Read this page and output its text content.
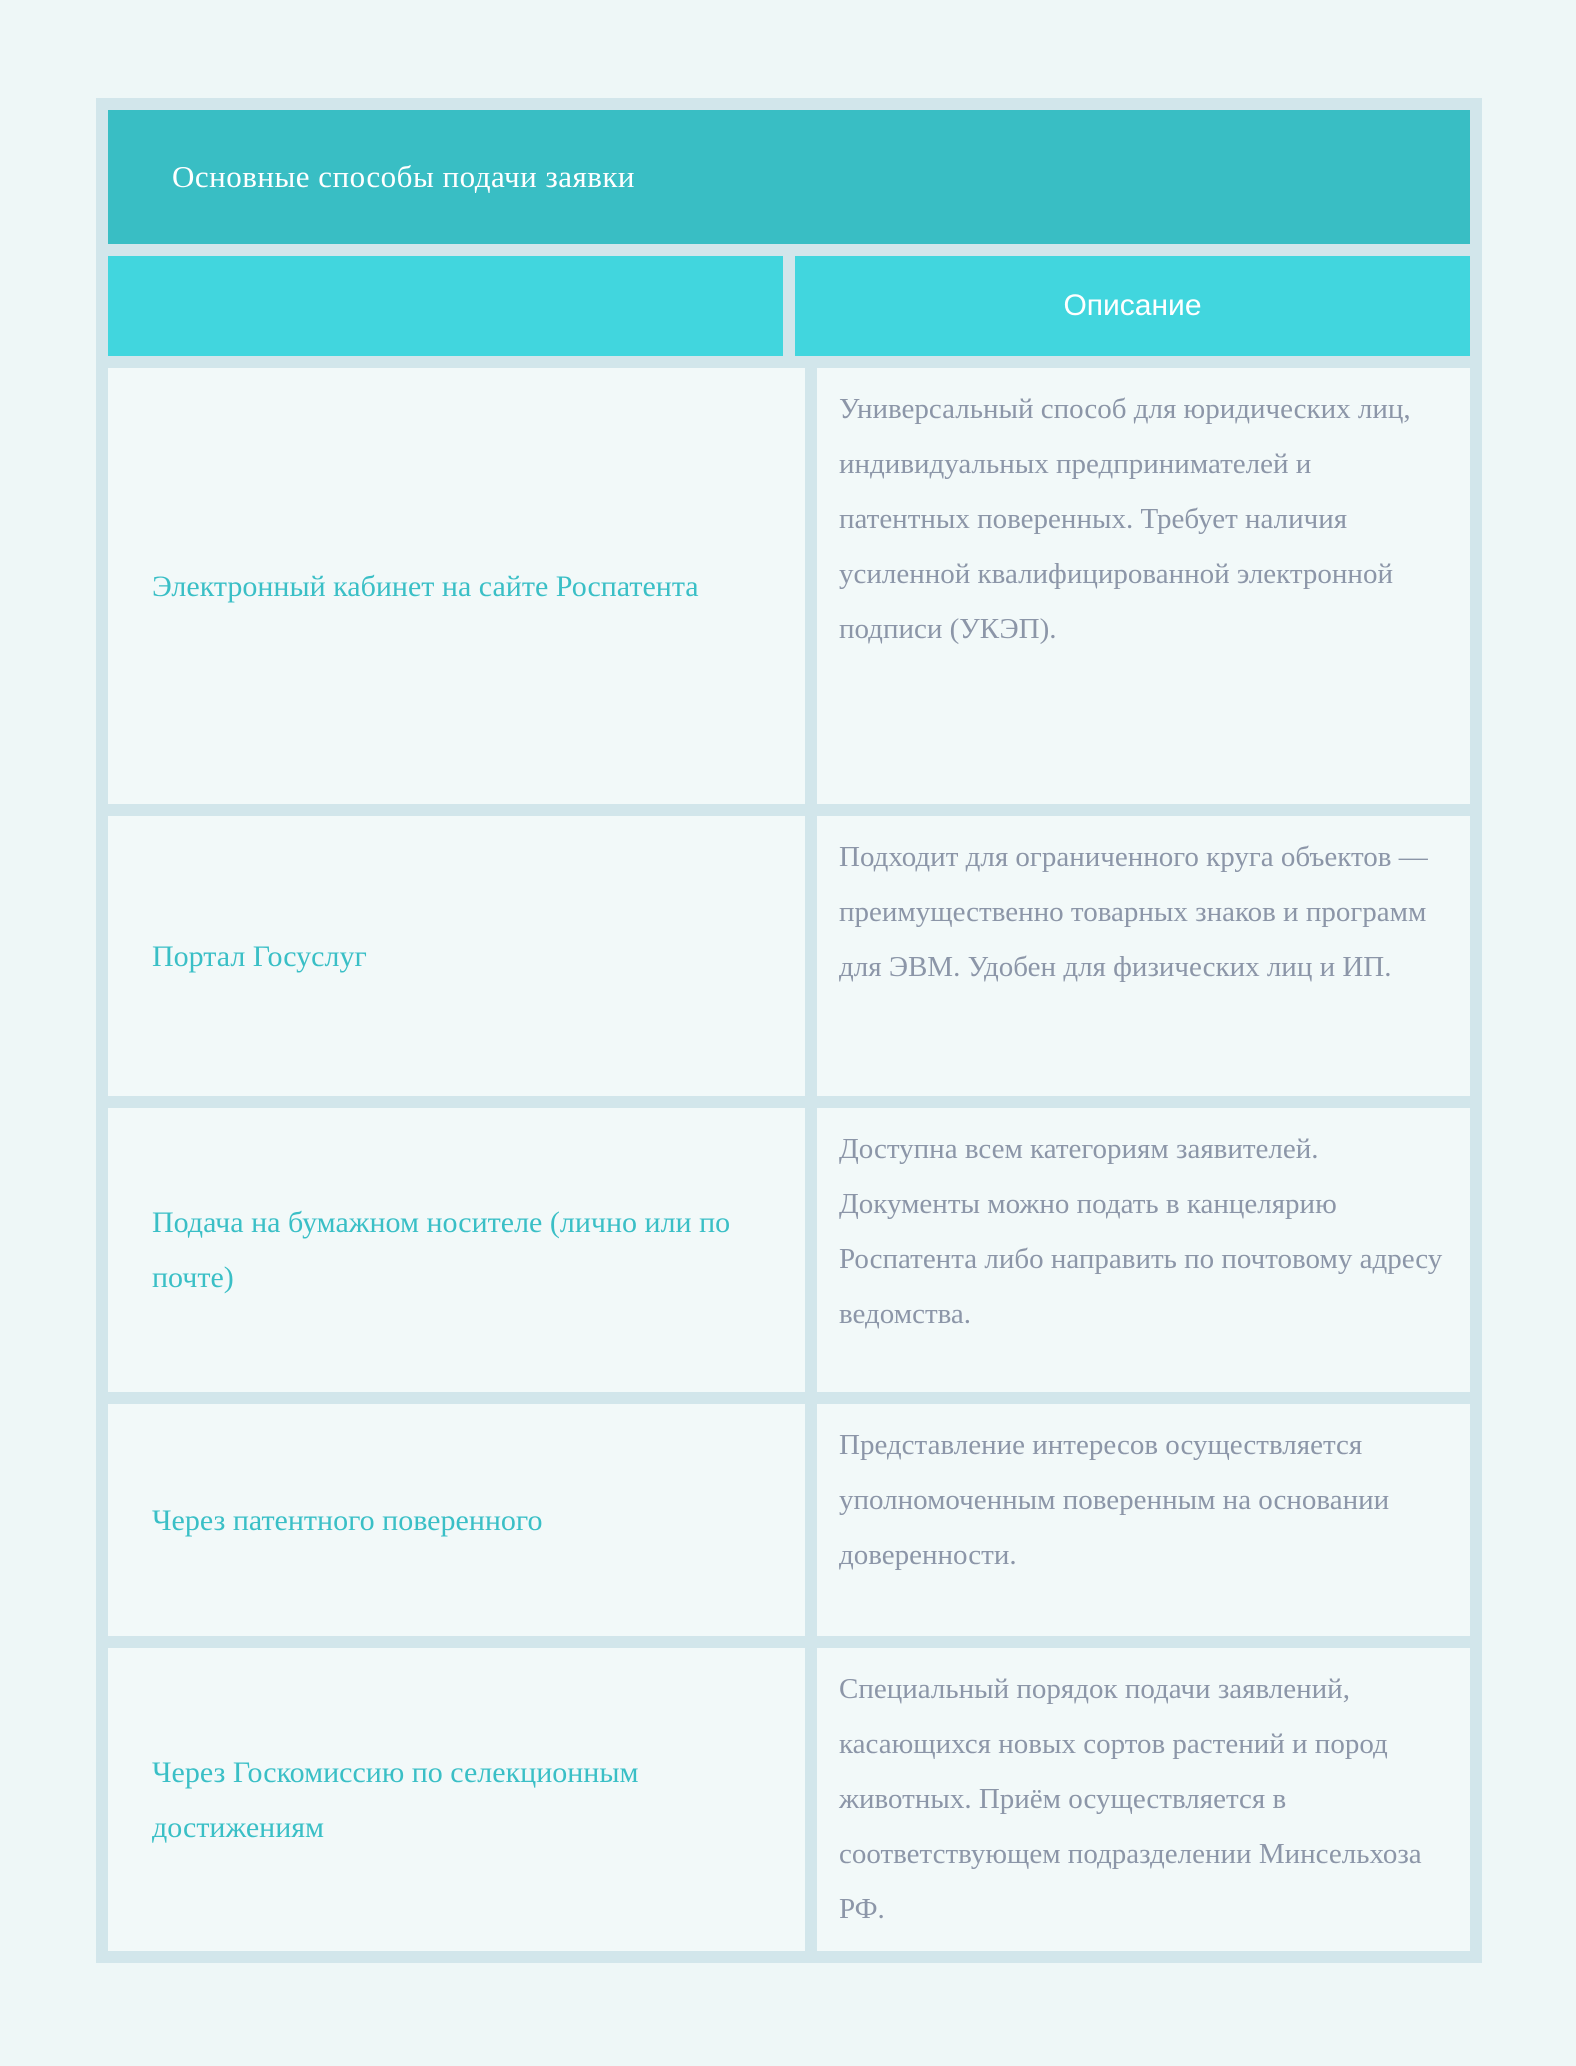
Основные способы подачи заявки
Описание
Электронный кабинет на сайте Роспатента
Универсальный способ для юридических лиц, индивидуальных предпринимателей и патентных поверенных. Требует наличия усиленной квалифицированной электронной подписи (УКЭП).
Портал Госуслуг
Подходит для ограниченного круга объектов — преимущественно товарных знаков и программ для ЭВМ. Удобен для физических лиц и ИП.
Подача на бумажном носителе (лично или по почте)
Доступна всем категориям заявителей. Документы можно подать в канцелярию Роспатента либо направить по почтовому адресу ведомства.
Через патентного поверенного
Представление интересов осуществляется уполномоченным поверенным на основании доверенности.
Через Госкомиссию по селекционным достижениям
Специальный порядок подачи заявлений, касающихся новых сортов растений и пород животных. Приём осуществляется в соответствующем подразделении Минсельхоза РФ.
